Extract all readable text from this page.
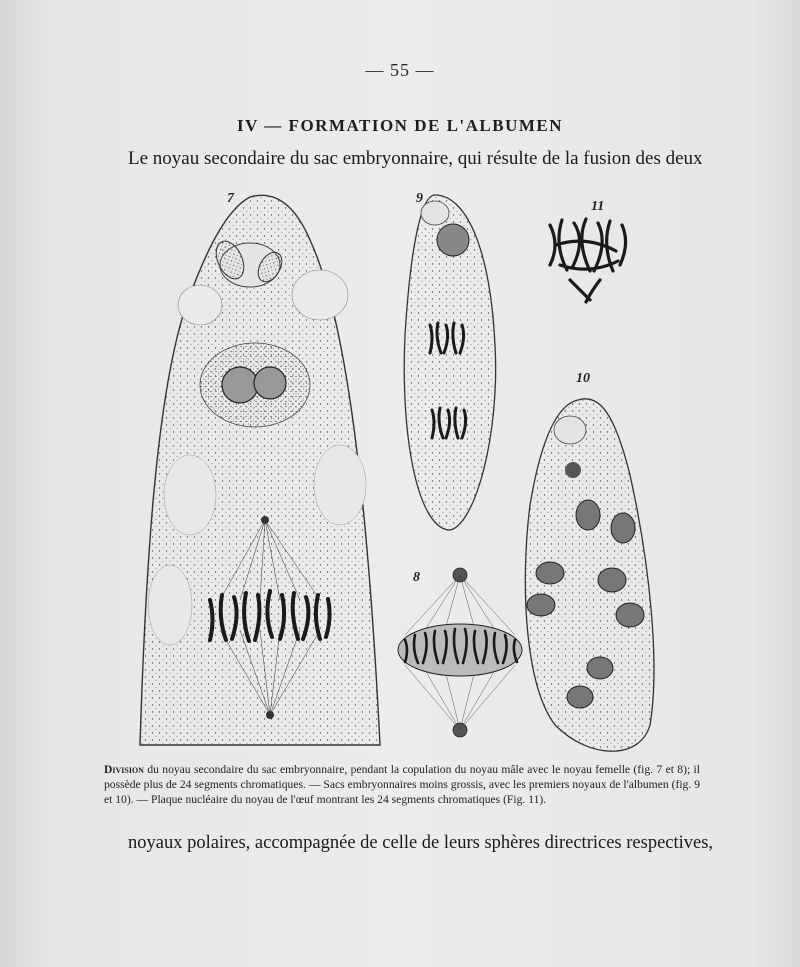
— 55 —
IV — FORMATION DE L'ALBUMEN
Le noyau secondaire du sac embryonnaire, qui résulte de la fusion des deux
7	9
11
10
8
Division du noyau secondaire du sac embryonnaire, pendant la copulation du noyau mâle avec le noyau femelle (fig. 7 et 8); il possède plus de 24 segments chromatiques. — Sacs embryonnaires moins grossis, avec les premiers noyaux de l'albumen (fig. 9 et 10). — Plaque nucléaire du noyau de l'œuf montrant les 24 segments chromatiques (Fig. 11).
noyaux polaires, accompagnée de celle de leurs sphères directrices respectives,
